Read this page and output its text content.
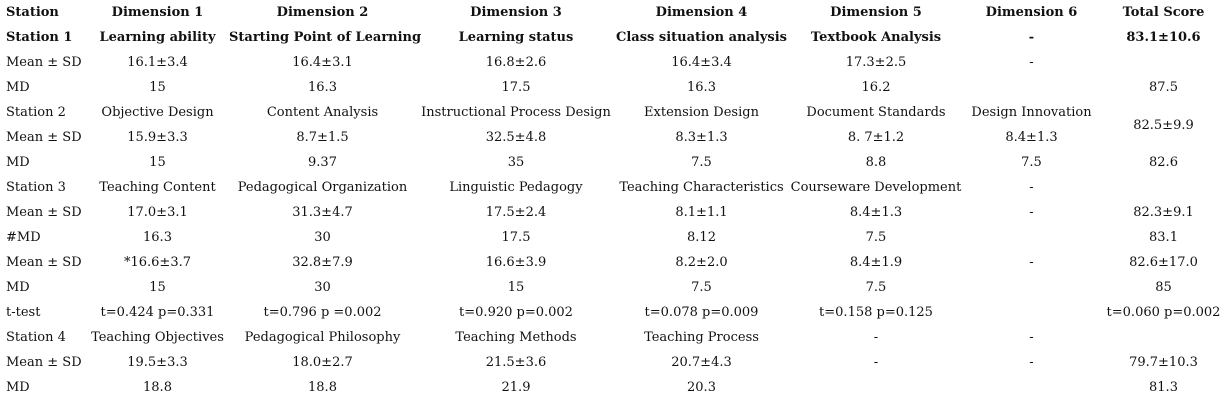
Station	Dimension 1	Dimension 2	Dimension 3	Dimension 4	Dimension 5	Dimension 6	Total Score
Station 1	Learning ability	Starting Point of Learning	Learning status	Class situation analysis	Textbook Analysis	-	83.1±10.6
Mean ± SD	16.1±3.4	16.4±3.1	16.8±2.6	16.4±3.4	17.3±2.5	-	
MD	15	16.3	17.5	16.3	16.2		87.5
Station 2	Objective Design	Content Analysis	Instructional Process Design	Extension Design	Document Standards	Design Innovation	82.5±9.9
Mean ± SD	15.9±3.3	8.7±1.5	32.5±4.8	8.3±1.3	8. 7±1.2	8.4±1.3	
MD	15	9.37	35	7.5	8.8	7.5	82.6
Station 3	Teaching Content	Pedagogical Organization	Linguistic Pedagogy	Teaching Characteristics	Courseware Development	-	
Mean ± SD	17.0±3.1	31.3±4.7	17.5±2.4	8.1±1.1	8.4±1.3	-	82.3±9.1
#MD	16.3	30	17.5	8.12	7.5		83.1
Mean ± SD	*16.6±3.7	32.8±7.9	16.6±3.9	8.2±2.0	8.4±1.9	-	82.6±17.0
MD	15	30	15	7.5	7.5		85
t-test	t=0.424 p=0.331	t=0.796 p =0.002	t=0.920 p=0.002	t=0.078 p=0.009	t=0.158 p=0.125		t=0.060 p=0.002
Station 4	Teaching Objectives	Pedagogical Philosophy	Teaching Methods	Teaching Process	-	-	
Mean ± SD	19.5±3.3	18.0±2.7	21.5±3.6	20.7±4.3	-	-	79.7±10.3
MD	18.8	18.8	21.9	20.3			81.3
